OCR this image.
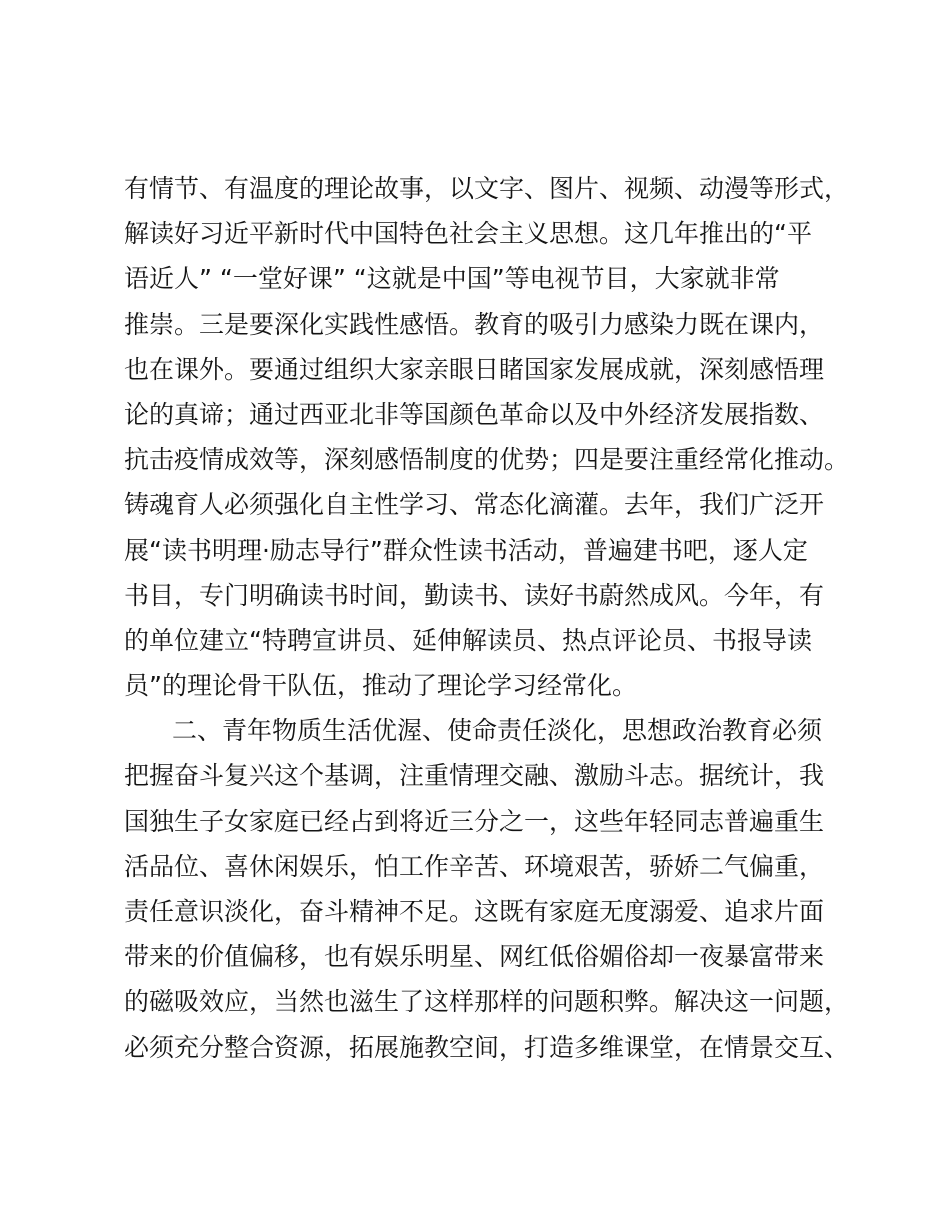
有情节、有温度的理论故事，以文字、图片、视频、动漫等形式，
解读好习近平新时代中国特色社会主义思想。这几年推出的“平
语近人” “一堂好课” “这就是中国”等电视节目，大家就非常
推崇。三是要深化实践性感悟。教育的吸引力感染力既在课内，
也在课外。要通过组织大家亲眼日睹国家发展成就，深刻感悟理
论的真谛；通过西亚北非等国颜色革命以及中外经济发展指数、
抗击疫情成效等，深刻感悟制度的优势；四是要注重经常化推动。
铸魂育人必须强化自主性学习、常态化滴灌。去年，我们广泛开
展“读书明理·励志导行”群众性读书活动，普遍建书吧，逐人定
书目，专门明确读书时间，勤读书、读好书蔚然成风。今年，有
的单位建立“特聘宣讲员、延伸解读员、热点评论员、书报导读
员”的理论骨干队伍，推动了理论学习经常化。
二、青年物质生活优渥、使命责任淡化，思想政治教育必须
把握奋斗复兴这个基调，注重情理交融、激励斗志。据统计，我
国独生子女家庭已经占到将近三分之一，这些年轻同志普遍重生
活品位、喜休闲娱乐，怕工作辛苦、环境艰苦，骄娇二气偏重，
责任意识淡化，奋斗精神不足。这既有家庭无度溺爱、追求片面
带来的价值偏移，也有娱乐明星、网红低俗媚俗却一夜暴富带来
的磁吸效应，当然也滋生了这样那样的问题积弊。解决这一问题，
必须充分整合资源，拓展施教空间，打造多维课堂，在情景交互、
